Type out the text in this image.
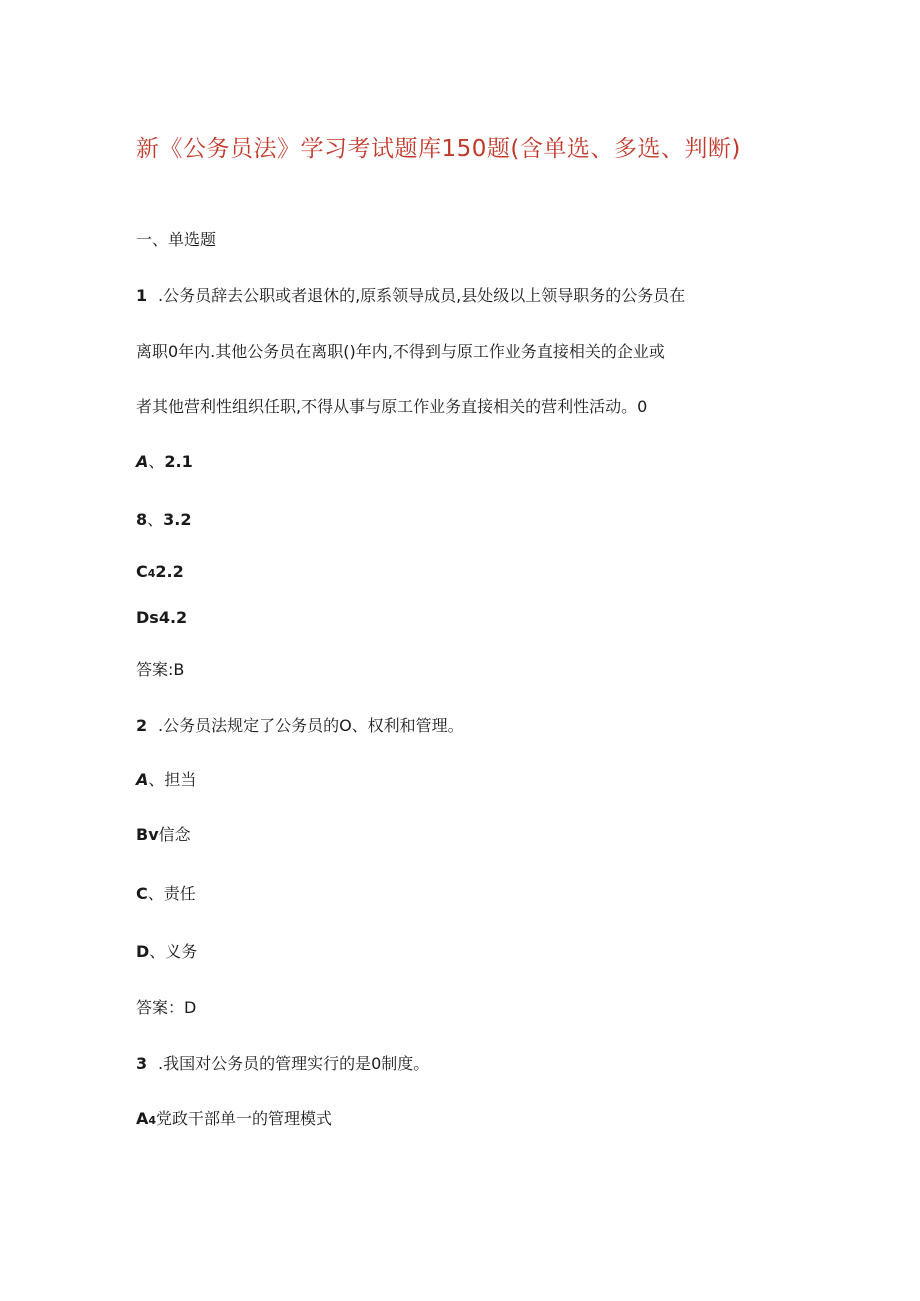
新《公务员法》学习考试题库150题(含单选、多选、判断)
一、单选题
1 .公务员辞去公职或者退休的,原系领导成员,县处级以上领导职务的公务员在
离职0年内.其他公务员在离职()年内,不得到与原工作业务直接相关的企业或
者其他营利性组织任职,不得从事与原工作业务直接相关的营利性活动。0
A、2.1
8、3.2
C42.2
Ds4.2
答案:B
2 .公务员法规定了公务员的O、权利和管理。
A、担当
Bv信念
C、责任
D、义务
答案：D
3 .我国对公务员的管理实行的是0制度。
A4党政干部单一的管理模式
